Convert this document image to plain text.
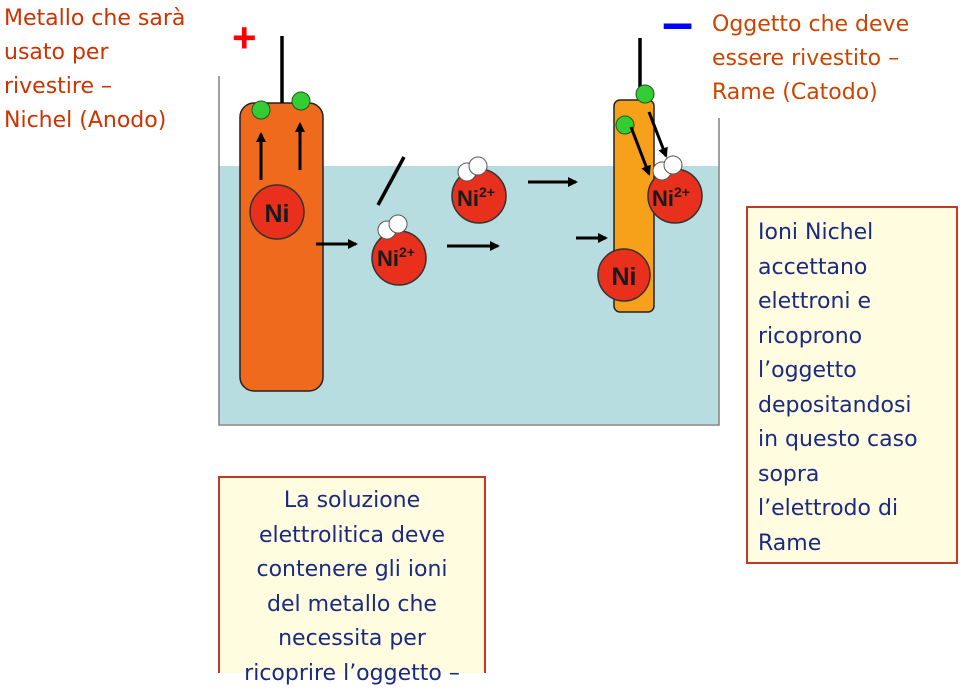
Ni
Ni
$Ni^{2+}$
$Ni^{2+}$	$Ni^{2+}$
Metallo che sarà
usato per
rivestire –
Nichel (Anodo)
Oggetto che deve
essere rivestito –
Rame (Catodo)
+	–
Ioni Nichel
accettano
elettroni e
ricoprono
l’oggetto
depositandosi
in questo caso
sopra
l’elettrodo di
Rame
La soluzione
elettrolitica deve
contenere gli ioni
del metallo che
necessita per
ricoprire l’oggetto –
